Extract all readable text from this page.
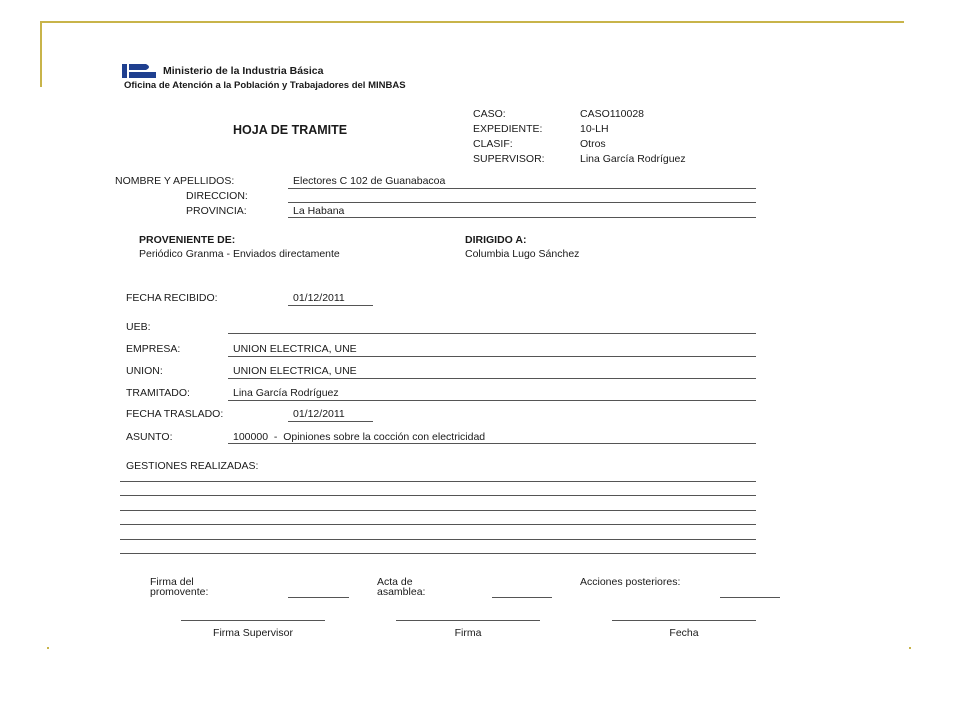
Ministerio de la Industria Básica
Oficina de Atención a la Población y Trabajadores del MINBAS
HOJA DE TRAMITE
CASO:	CASO110028
EXPEDIENTE:	10-LH
CLASIF:	Otros
SUPERVISOR:	Lina García Rodríguez
NOMBRE Y APELLIDOS:	Electores C 102 de Guanabacoa
DIRECCION:
PROVINCIA:	La Habana
PROVENIENTE DE:
Periódico Granma - Enviados directamente
DIRIGIDO A:
Columbia Lugo Sánchez
FECHA RECIBIDO:	01/12/2011
UEB:
EMPRESA:	UNION ELECTRICA, UNE
UNION:	UNION ELECTRICA, UNE
TRAMITADO:	Lina García Rodríguez
FECHA TRASLADO:	01/12/2011
ASUNTO:	100000  -  Opiniones sobre la cocción con electricidad
GESTIONES REALIZADAS:
Firma del
promovente:
Acta de
asamblea:
Acciones posteriores:
Firma Supervisor	Firma	Fecha
